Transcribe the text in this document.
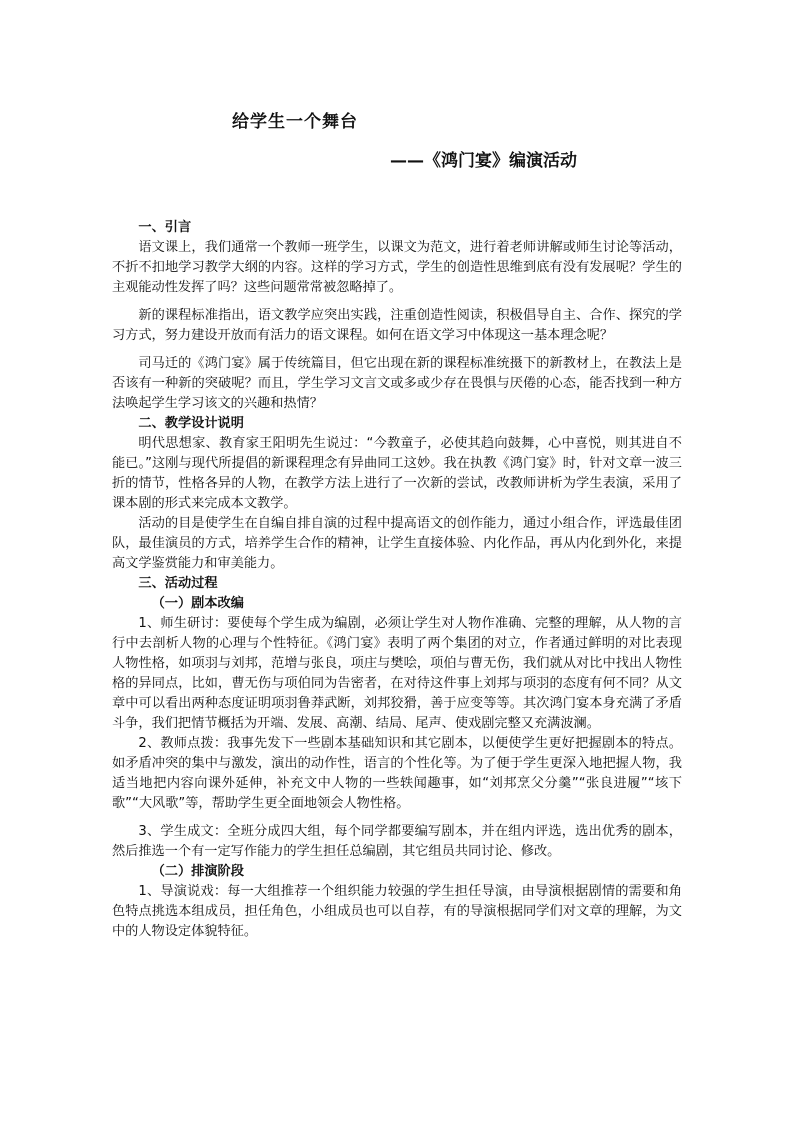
给学生一个舞台
——《鸿门宴》编演活动
一、引言

语文课上，我们通常一个教师一班学生，以课文为范文，进行着老师讲解或师生讨论等活动，不折不扣地学习教学大纲的内容。这样的学习方式，学生的创造性思维到底有没有发展呢？学生的主观能动性发挥了吗？这些问题常常被忽略掉了。

新的课程标准指出，语文教学应突出实践，注重创造性阅读，积极倡导自主、合作、探究的学习方式，努力建设开放而有活力的语文课程。如何在语文学习中体现这一基本理念呢？

司马迁的《鸿门宴》属于传统篇目，但它出现在新的课程标准统摄下的新教材上，在教法上是否该有一种新的突破呢？而且，学生学习文言文或多或少存在畏惧与厌倦的心态，能否找到一种方法唤起学生学习该文的兴趣和热情？

二、教学设计说明

明代思想家、教育家王阳明先生说过：“今教童子，必使其趋向鼓舞，心中喜悦，则其进自不能已。”这刚与现代所提倡的新课程理念有异曲同工这妙。我在执教《鸿门宴》时，针对文章一波三折的情节，性格各异的人物，在教学方法上进行了一次新的尝试，改教师讲析为学生表演，采用了课本剧的形式来完成本文教学。

活动的目是使学生在自编自排自演的过程中提高语文的创作能力，通过小组合作，评选最佳团队，最佳演员的方式，培养学生合作的精神，让学生直接体验、内化作品，再从内化到外化，来提高文学鉴赏能力和审美能力。

三、活动过程
（一）剧本改编

1、师生研讨：要使每个学生成为编剧，必须让学生对人物作准确、完整的理解，从人物的言行中去剖析人物的心理与个性特征。《鸿门宴》表明了两个集团的对立，作者通过鲜明的对比表现人物性格，如项羽与刘邦，范增与张良，项庄与樊哙，项伯与曹无伤，我们就从对比中找出人物性格的异同点，比如，曹无伤与项伯同为告密者，在对待这件事上刘邦与项羽的态度有何不同？从文章中可以看出两种态度证明项羽鲁莽武断，刘邦狡猾，善于应变等等。其次鸿门宴本身充满了矛盾斗争，我们把情节概括为开端、发展、高潮、结局、尾声、使戏剧完整又充满波澜。

2、教师点拨：我事先发下一些剧本基础知识和其它剧本，以便使学生更好把握剧本的特点。如矛盾冲突的集中与激发，演出的动作性，语言的个性化等。为了便于学生更深入地把握人物，我适当地把内容向课外延伸，补充文中人物的一些轶闻趣事，如“刘邦烹父分羹”“张良进履”“垓下歌”“大风歌”等，帮助学生更全面地领会人物性格。

3、学生成文：全班分成四大组，每个同学都要编写剧本，并在组内评选，选出优秀的剧本，然后推选一个有一定写作能力的学生担任总编剧，其它组员共同讨论、修改。

（二）排演阶段

1、导演说戏：每一大组推荐一个组织能力较强的学生担任导演，由导演根据剧情的需要和角色特点挑选本组成员，担任角色，小组成员也可以自荐，有的导演根据同学们对文章的理解，为文中的人物设定体貌特征。
